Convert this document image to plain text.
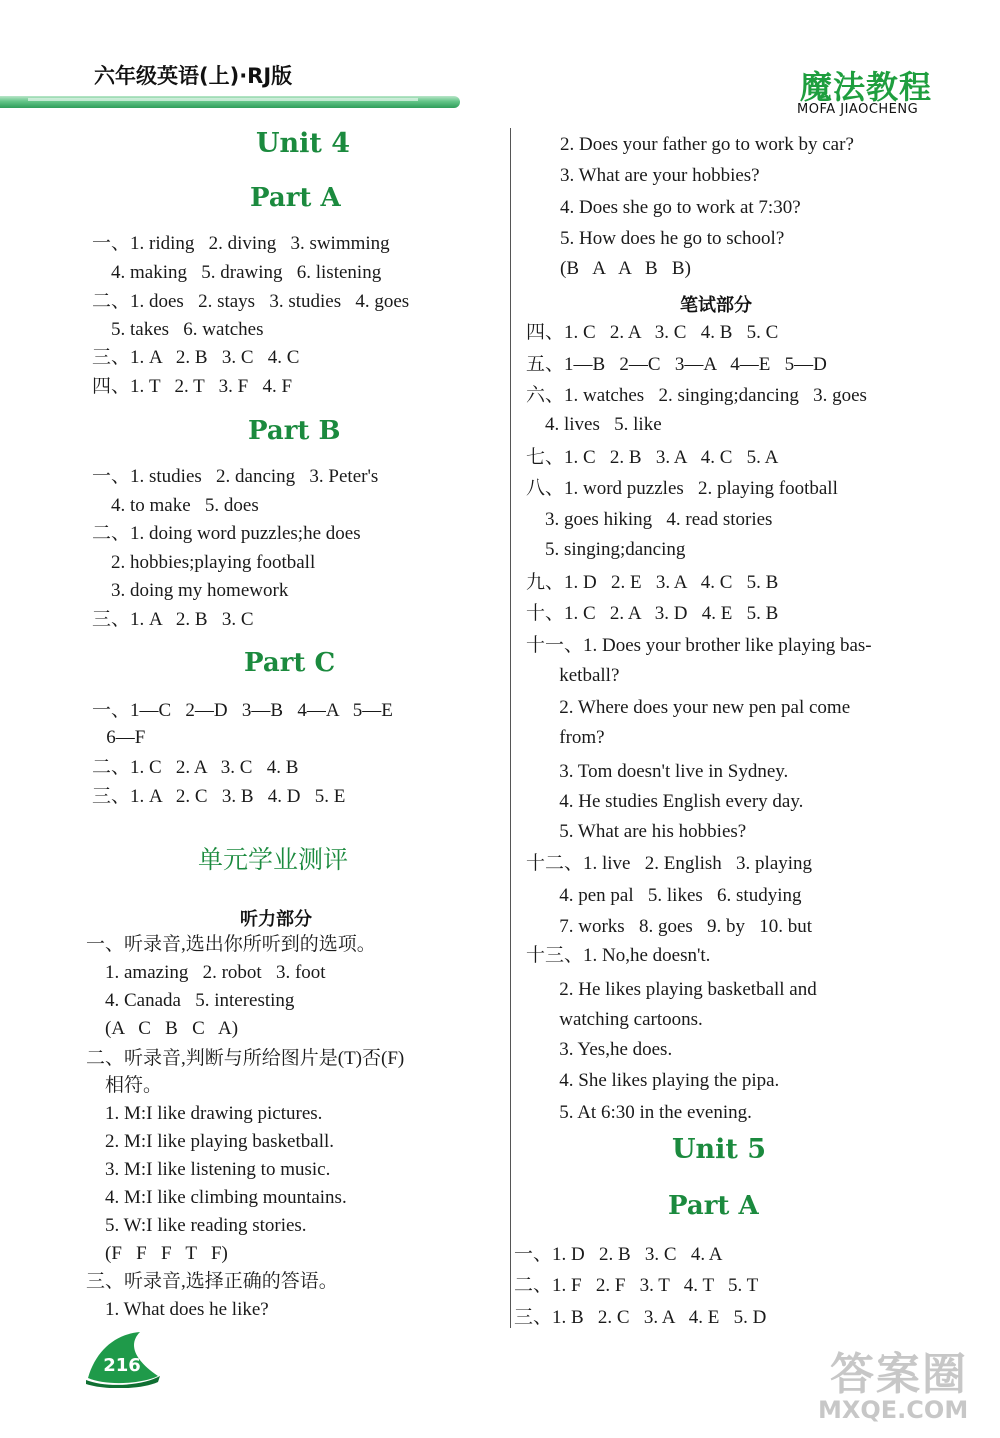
六年级英语(上)·RJ版	魔法教程
MOFA JIAOCHENG
Unit 4
Part A
一、1. riding   2. diving   3. swimming
4. making   5. drawing   6. listening
二、1. does   2. stays   3. studies   4. goes
5. takes   6. watches
三、1. A   2. B   3. C   4. C
四、1. T   2. T   3. F   4. F
Part B
一、1. studies   2. dancing   3. Peter's
4. to make   5. does
二、1. doing word puzzles;he does
2. hobbies;playing football
3. doing my homework
三、1. A   2. B   3. C
Part C
一、1—C   2—D   3—B   4—A   5—E
6—F
二、1. C   2. A   3. C   4. B
三、1. A   2. C   3. B   4. D   5. E
单元学业测评
听力部分
一、听录音,选出你所听到的选项。
1. amazing   2. robot   3. foot
4. Canada   5. interesting
(A   C   B   C   A)
二、听录音,判断与所给图片是(T)否(F)
相符。
1. M:I like drawing pictures.
2. M:I like playing basketball.
3. M:I like listening to music.
4. M:I like climbing mountains.
5. W:I like reading stories.
(F   F   F   T   F)
三、听录音,选择正确的答语。
1. What does he like?
2. Does your father go to work by car?
3. What are your hobbies?
4. Does she go to work at 7:30?
5. How does he go to school?
(B   A   A   B   B)
笔试部分
四、1. C   2. A   3. C   4. B   5. C
五、1—B   2—C   3—A   4—E   5—D
六、1. watches   2. singing;dancing   3. goes
4. lives   5. like
七、1. C   2. B   3. A   4. C   5. A
八、1. word puzzles   2. playing football
3. goes hiking   4. read stories
5. singing;dancing
九、1. D   2. E   3. A   4. C   5. B
十、1. C   2. A   3. D   4. E   5. B
十一、1. Does your brother like playing bas-
ketball?
2. Where does your new pen pal come
from?
3. Tom doesn't live in Sydney.
4. He studies English every day.
5. What are his hobbies?
十二、1. live   2. English   3. playing
4. pen pal   5. likes   6. studying
7. works   8. goes   9. by   10. but
十三、1. No,he doesn't.
2. He likes playing basketball and
watching cartoons.
3. Yes,he does.
4. She likes playing the pipa.
5. At 6:30 in the evening.
Unit 5
Part A
一、1. D   2. B   3. C   4. A
二、1. F   2. F   3. T   4. T   5. T
三、1. B   2. C   3. A   4. E   5. D
216	答案圈
MXQE.COM
